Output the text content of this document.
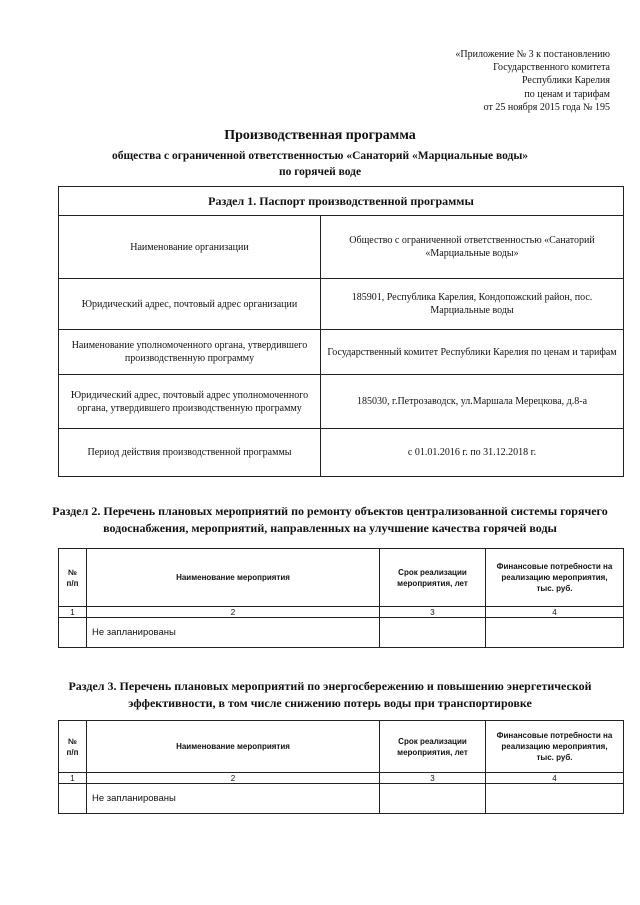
«Приложение № 3 к постановлению
Государственного комитета
Республики Карелия
по ценам и тарифам
от 25 ноября 2015 года № 195
Производственная программа
общества с ограниченной ответственностью «Санаторий «Марциальные воды»
по горячей воде
Раздел 1. Паспорт производственной программы	
Наименование организации	Общество с ограниченной ответственностью «Санаторий «Марциальные воды»
Юридический адрес, почтовый адрес организации	185901, Республика Карелия, Кондопожский район, пос. Марциальные воды
Наименование уполномоченного органа, утвердившего производственную программу	Государственный комитет Республики Карелия по ценам и тарифам
Юридический адрес, почтовый адрес уполномоченного органа, утвердившего производственную программу	185030, г.Петрозаводск, ул.Маршала Мерецкова, д.8-а
Период действия производственной программы	с 01.01.2016 г. по 31.12.2018 г.
Раздел 2. Перечень плановых мероприятий по ремонту объектов централизованной системы горячего водоснабжения, мероприятий, направленных на улучшение качества горячей воды
№ п/п	Наименование мероприятия	Срок реализации мероприятия, лет	Финансовые потребности на реализацию мероприятия, тыс. руб.
1	2	3	4
	Не запланированы		
Раздел 3. Перечень плановых мероприятий по энергосбережению и повышению энергетической эффективности, в том числе снижению потерь воды при транспортировке
№ п/п	Наименование мероприятия	Срок реализации мероприятия, лет	Финансовые потребности на реализацию мероприятия, тыс. руб.
1	2	3	4
	Не запланированы		
